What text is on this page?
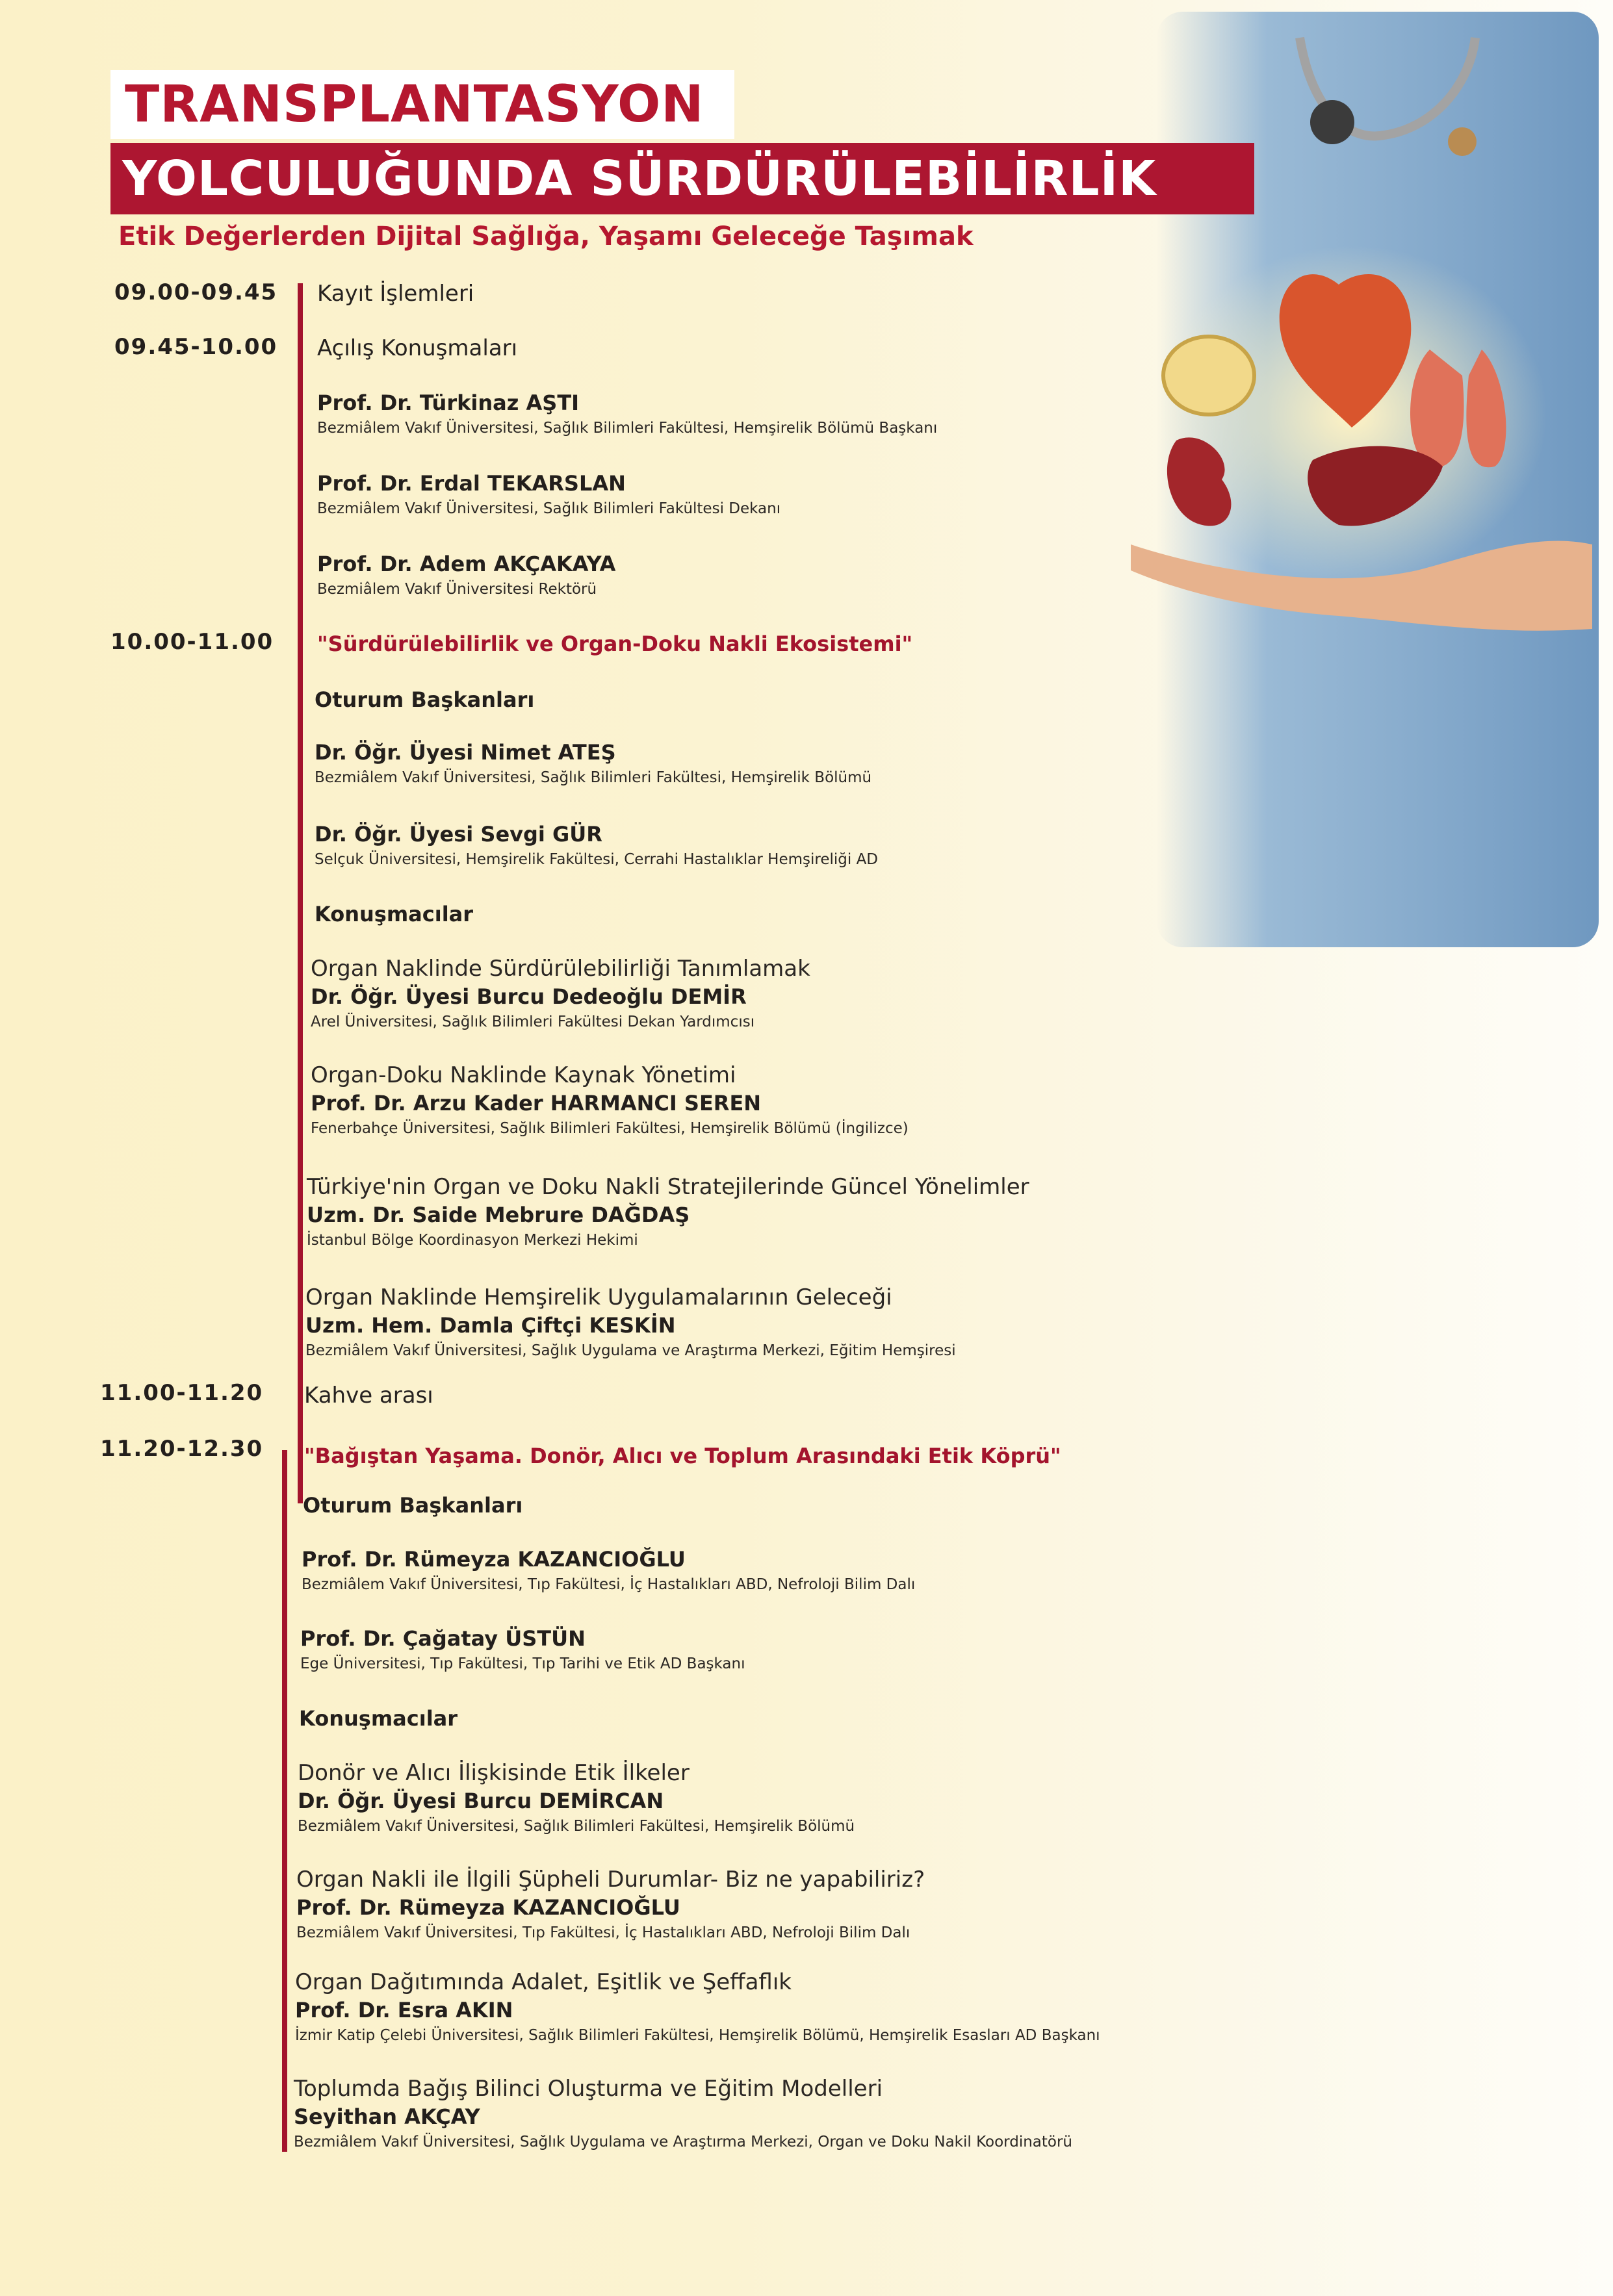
TRANSPLANTASYON
YOLCULUĞUNDA SÜRDÜRÜLEBİLİRLİK
Etik Değerlerden Dijital Sağlığa, Yaşamı Geleceğe Taşımak
09.00-09.45 Kayıt İşlemleri
09.45-10.00 Açılış Konuşmaları
Prof. Dr. Türkinaz AŞTI
Bezmiâlem Vakıf Üniversitesi, Sağlık Bilimleri Fakültesi, Hemşirelik Bölümü Başkanı
Prof. Dr. Erdal TEKARSLAN
Bezmiâlem Vakıf Üniversitesi, Sağlık Bilimleri Fakültesi Dekanı
Prof. Dr. Adem AKÇAKAYA
Bezmiâlem Vakıf Üniversitesi Rektörü
10.00-11.00 "Sürdürülebilirlik ve Organ-Doku Nakli Ekosistemi"
Oturum Başkanları
Dr. Öğr. Üyesi Nimet ATEŞ
Bezmiâlem Vakıf Üniversitesi, Sağlık Bilimleri Fakültesi, Hemşirelik Bölümü
Dr. Öğr. Üyesi Sevgi GÜR
Selçuk Üniversitesi, Hemşirelik Fakültesi, Cerrahi Hastalıklar Hemşireliği AD
Konuşmacılar
Organ Naklinde Sürdürülebilirliği Tanımlamak
Dr. Öğr. Üyesi Burcu Dedeoğlu DEMİR
Arel Üniversitesi, Sağlık Bilimleri Fakültesi Dekan Yardımcısı
Organ-Doku Naklinde Kaynak Yönetimi
Prof. Dr. Arzu Kader HARMANCI SEREN
Fenerbahçe Üniversitesi, Sağlık Bilimleri Fakültesi, Hemşirelik Bölümü (İngilizce)
Türkiye'nin Organ ve Doku Nakli Stratejilerinde Güncel Yönelimler
Uzm. Dr. Saide Mebrure DAĞDAŞ
İstanbul Bölge Koordinasyon Merkezi Hekimi
Organ Naklinde Hemşirelik Uygulamalarının Geleceği
Uzm. Hem. Damla Çiftçi KESKİN
Bezmiâlem Vakıf Üniversitesi, Sağlık Uygulama ve Araştırma Merkezi, Eğitim Hemşiresi
11.00-11.20 Kahve arası
11.20-12.30 "Bağıştan Yaşama. Donör, Alıcı ve Toplum Arasındaki Etik Köprü"
Oturum Başkanları
Prof. Dr. Rümeyza KAZANCIOĞLU
Bezmiâlem Vakıf Üniversitesi, Tıp Fakültesi, İç Hastalıkları ABD, Nefroloji Bilim Dalı
Prof. Dr. Çağatay ÜSTÜN
Ege Üniversitesi, Tıp Fakültesi, Tıp Tarihi ve Etik AD Başkanı
Konuşmacılar
Donör ve Alıcı İlişkisinde Etik İlkeler
Dr. Öğr. Üyesi Burcu DEMİRCAN
Bezmiâlem Vakıf Üniversitesi, Sağlık Bilimleri Fakültesi, Hemşirelik Bölümü
Organ Nakli ile İlgili Şüpheli Durumlar- Biz ne yapabiliriz?
Prof. Dr. Rümeyza KAZANCIOĞLU
Bezmiâlem Vakıf Üniversitesi, Tıp Fakültesi, İç Hastalıkları ABD, Nefroloji Bilim Dalı
Organ Dağıtımında Adalet, Eşitlik ve Şeffaflık
Prof. Dr. Esra AKIN
İzmir Katip Çelebi Üniversitesi, Sağlık Bilimleri Fakültesi, Hemşirelik Bölümü, Hemşirelik Esasları AD Başkanı
Toplumda Bağış Bilinci Oluşturma ve Eğitim Modelleri
Seyithan AKÇAY
Bezmiâlem Vakıf Üniversitesi, Sağlık Uygulama ve Araştırma Merkezi, Organ ve Doku Nakil Koordinatörü
